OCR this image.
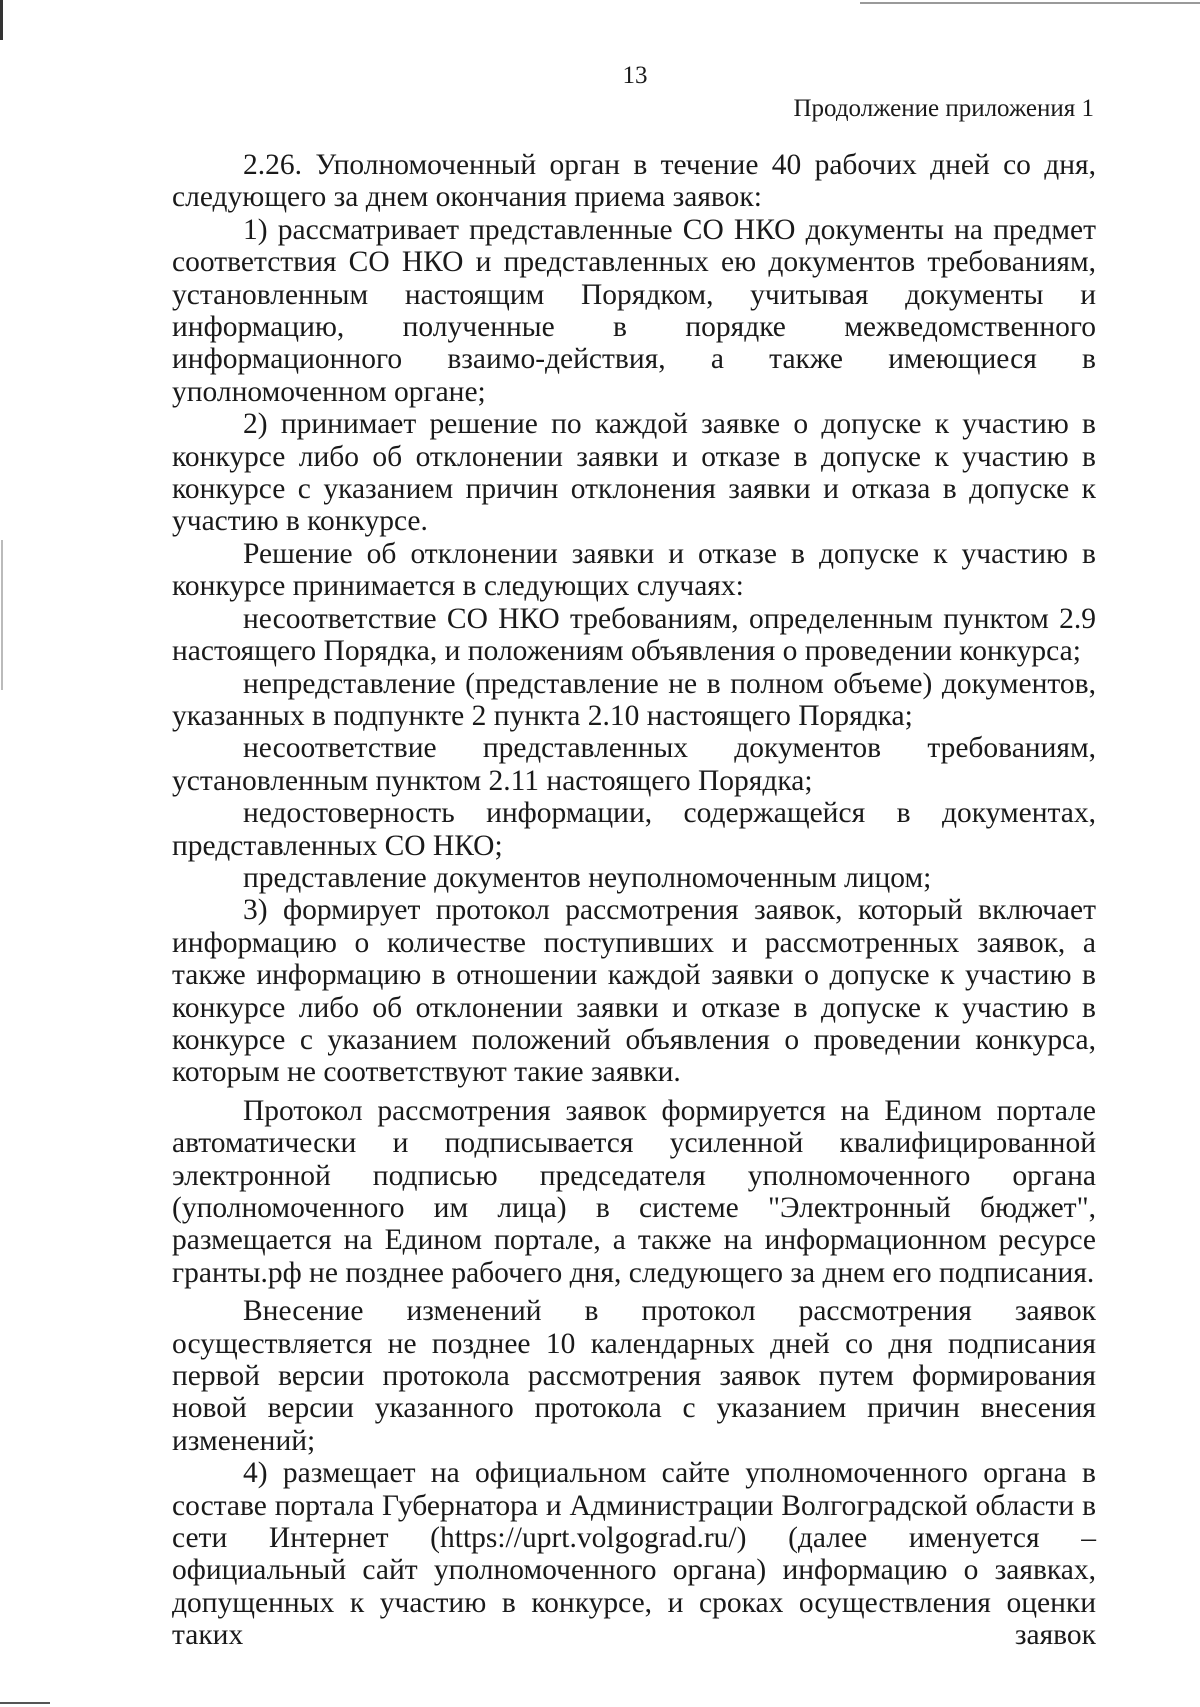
13
Продолжение приложения 1

2.26. Уполномоченный орган в течение 40 рабочих дней со дня, следующего за днем окончания приема заявок:

1) рассматривает представленные СО НКО документы на предмет соответствия СО НКО и представленных ею документов требованиям, установленным настоящим Порядком, учитывая документы и информацию, полученные в порядке межведомственного информационного взаимо-действия, а также имеющиеся в уполномоченном органе;

2) принимает решение по каждой заявке о допуске к участию в конкурсе либо об отклонении заявки и отказе в допуске к участию в конкурсе с указанием причин отклонения заявки и отказа в допуске к участию в конкурсе.

Решение об отклонении заявки и отказе в допуске к участию в конкурсе принимается в следующих случаях:

несоответствие СО НКО требованиям, определенным пунктом 2.9 настоящего Порядка, и положениям объявления о проведении конкурса;

непредставление (представление не в полном объеме) документов, указанных в подпункте 2 пункта 2.10 настоящего Порядка;

несоответствие представленных документов требованиям, установленным пунктом 2.11 настоящего Порядка;

недостоверность информации, содержащейся в документах, представленных СО НКО;

представление документов неуполномоченным лицом;

3) формирует протокол рассмотрения заявок, который включает информацию о количестве поступивших и рассмотренных заявок, а также информацию в отношении каждой заявки о допуске к участию в конкурсе либо об отклонении заявки и отказе в допуске к участию в конкурсе с указанием положений объявления о проведении конкурса, которым не соответствуют такие заявки.

Протокол рассмотрения заявок формируется на Едином портале автоматически и подписывается усиленной квалифицированной электронной подписью председателя уполномоченного органа (уполномоченного им лица) в системе "Электронный бюджет", размещается на Едином портале, а также на информационном ресурсе гранты.рф не позднее рабочего дня, следующего за днем его подписания.

Внесение изменений в протокол рассмотрения заявок осуществляется не позднее 10 календарных дней со дня подписания первой версии протокола рассмотрения заявок путем формирования новой версии указанного протокола с указанием причин внесения изменений;

4) размещает на официальном сайте уполномоченного органа в составе портала Губернатора и Администрации Волгоградской области в сети Интернет (https://uprt.volgograd.ru/) (далее именуется – официальный сайт уполномоченного органа) информацию о заявках, допущенных к участию в конкурсе, и сроках осуществления оценки таких заявок
